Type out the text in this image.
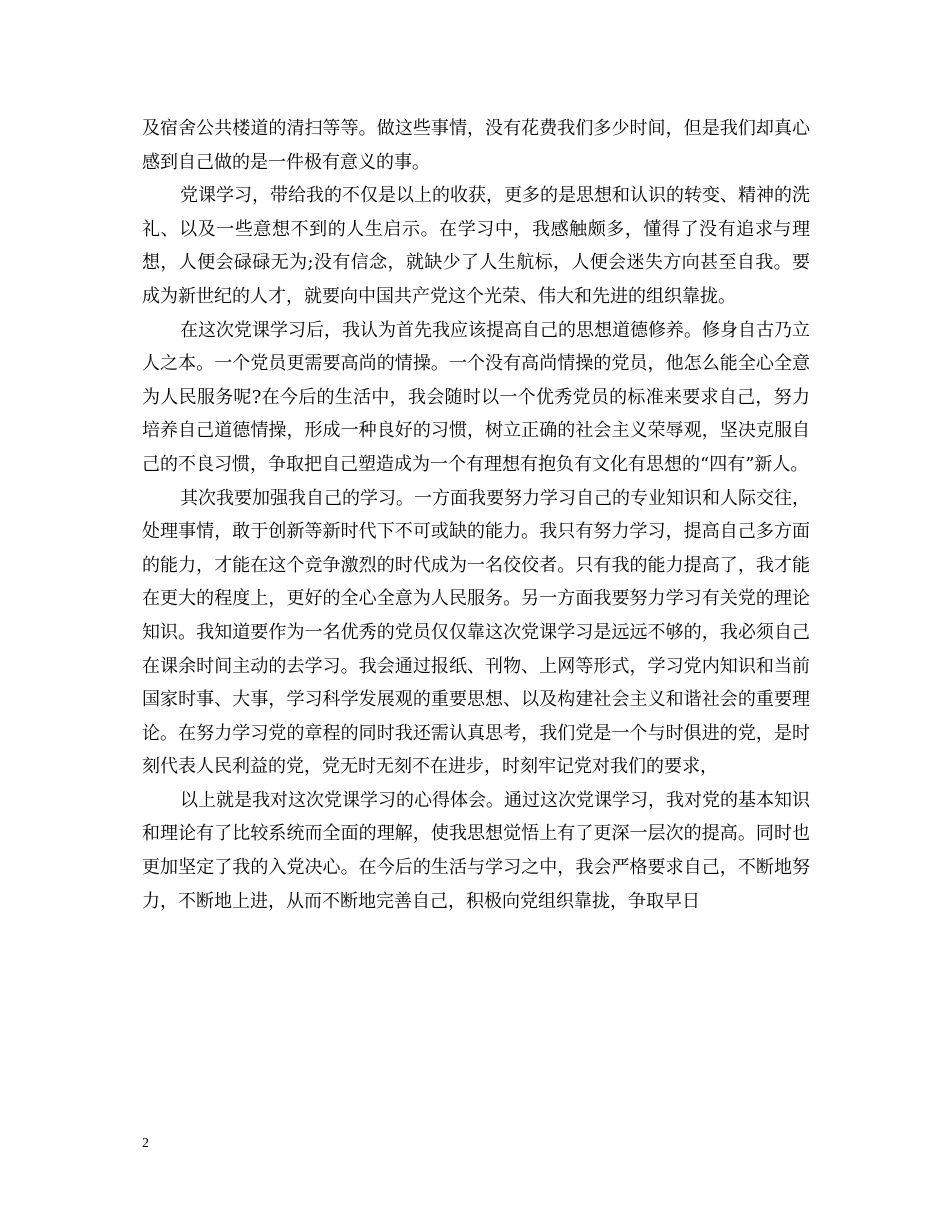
及宿舍公共楼道的清扫等等。做这些事情，没有花费我们多少时间，但是我们却真心感到自己做的是一件极有意义的事。

党课学习，带给我的不仅是以上的收获，更多的是思想和认识的转变、精神的洗礼、以及一些意想不到的人生启示。在学习中，我感触颇多，懂得了没有追求与理想，人便会碌碌无为;没有信念，就缺少了人生航标，人便会迷失方向甚至自我。要成为新世纪的人才，就要向中国共产党这个光荣、伟大和先进的组织靠拢。

在这次党课学习后，我认为首先我应该提高自己的思想道德修养。修身自古乃立人之本。一个党员更需要高尚的情操。一个没有高尚情操的党员，他怎么能全心全意为人民服务呢?在今后的生活中，我会随时以一个优秀党员的标准来要求自己，努力培养自己道德情操，形成一种良好的习惯，树立正确的社会主义荣辱观，坚决克服自己的不良习惯，争取把自己塑造成为一个有理想有抱负有文化有思想的“四有”新人。

其次我要加强我自己的学习。一方面我要努力学习自己的专业知识和人际交往，处理事情，敢于创新等新时代下不可或缺的能力。我只有努力学习，提高自己多方面的能力，才能在这个竞争激烈的时代成为一名佼佼者。只有我的能力提高了，我才能在更大的程度上，更好的全心全意为人民服务。另一方面我要努力学习有关党的理论知识。我知道要作为一名优秀的党员仅仅靠这次党课学习是远远不够的，我必须自己在课余时间主动的去学习。我会通过报纸、刊物、上网等形式，学习党内知识和当前国家时事、大事，学习科学发展观的重要思想、以及构建社会主义和谐社会的重要理论。在努力学习党的章程的同时我还需认真思考，我们党是一个与时俱进的党，是时刻代表人民利益的党，党无时无刻不在进步，时刻牢记党对我们的要求，

以上就是我对这次党课学习的心得体会。通过这次党课学习，我对党的基本知识和理论有了比较系统而全面的理解，使我思想觉悟上有了更深一层次的提高。同时也更加坚定了我的入党决心。在今后的生活与学习之中，我会严格要求自己，不断地努力，不断地上进，从而不断地完善自己，积极向党组织靠拢，争取早日

2
